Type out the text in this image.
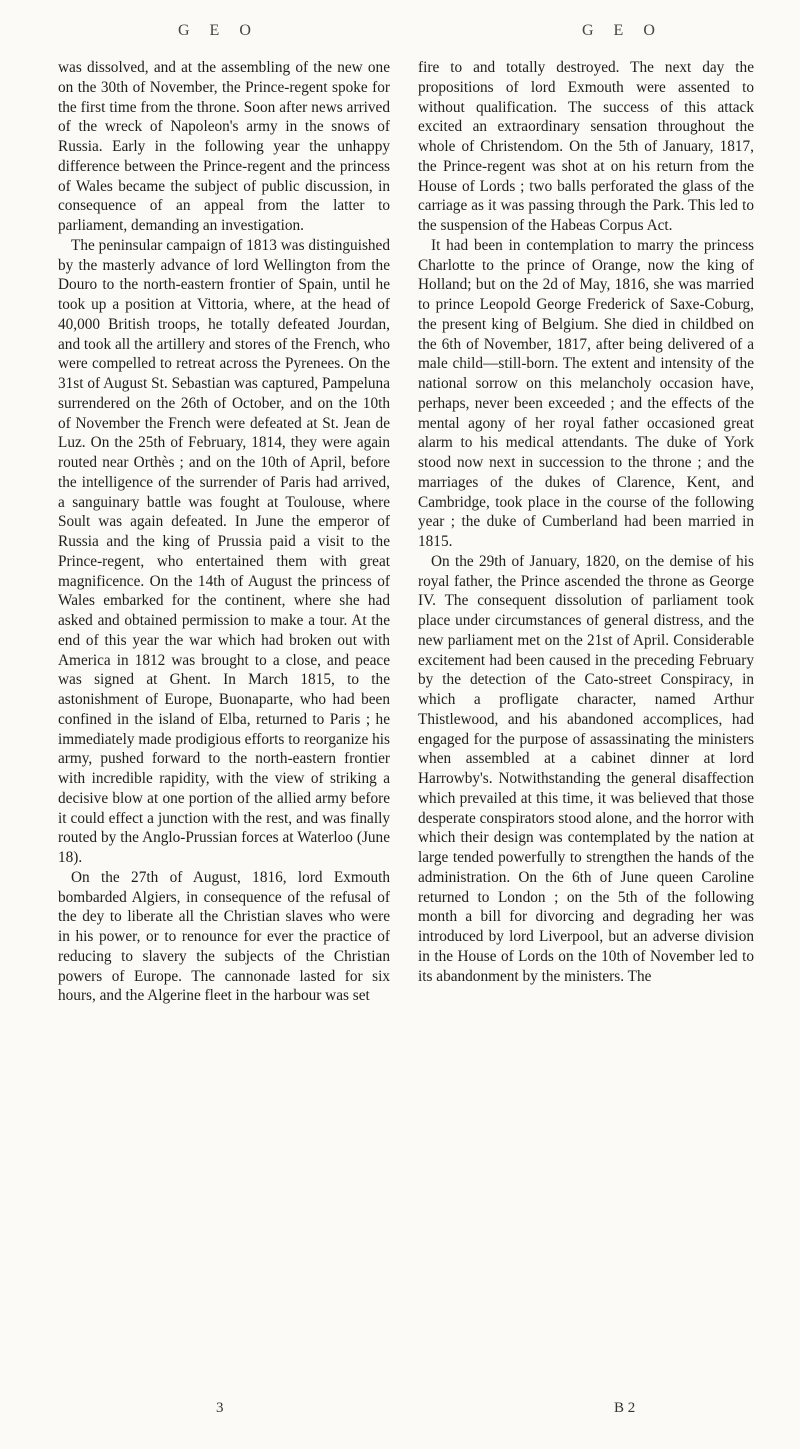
G E O	G E O

was dissolved, and at the assembling of the new one on the 30th of November, the Prince-regent spoke for the first time from the throne. Soon after news arrived of the wreck of Napoleon's army in the snows of Russia. Early in the following year the unhappy difference between the Prince-regent and the princess of Wales became the subject of public discussion, in consequence of an appeal from the latter to parliament, demanding an investigation.

The peninsular campaign of 1813 was distinguished by the masterly advance of lord Wellington from the Douro to the north-eastern frontier of Spain, until he took up a position at Vittoria, where, at the head of 40,000 British troops, he totally defeated Jourdan, and took all the artillery and stores of the French, who were compelled to retreat across the Pyrenees. On the 31st of August St. Sebastian was captured, Pampeluna surrendered on the 26th of October, and on the 10th of November the French were defeated at St. Jean de Luz. On the 25th of February, 1814, they were again routed near Orthès ; and on the 10th of April, before the intelligence of the surrender of Paris had arrived, a sanguinary battle was fought at Toulouse, where Soult was again defeated. In June the emperor of Russia and the king of Prussia paid a visit to the Prince-regent, who entertained them with great magnificence. On the 14th of August the princess of Wales embarked for the continent, where she had asked and obtained permission to make a tour. At the end of this year the war which had broken out with America in 1812 was brought to a close, and peace was signed at Ghent. In March 1815, to the astonishment of Europe, Buonaparte, who had been confined in the island of Elba, returned to Paris ; he immediately made prodigious efforts to reorganize his army, pushed forward to the north-eastern frontier with incredible rapidity, with the view of striking a decisive blow at one portion of the allied army before it could effect a junction with the rest, and was finally routed by the Anglo-Prussian forces at Waterloo (June 18).

On the 27th of August, 1816, lord Exmouth bombarded Algiers, in consequence of the refusal of the dey to liberate all the Christian slaves who were in his power, or to renounce for ever the practice of reducing to slavery the subjects of the Christian powers of Europe. The cannonade lasted for six hours, and the Algerine fleet in the harbour was set

fire to and totally destroyed. The next day the propositions of lord Exmouth were assented to without qualification. The success of this attack excited an extraordinary sensation throughout the whole of Christendom. On the 5th of January, 1817, the Prince-regent was shot at on his return from the House of Lords ; two balls perforated the glass of the carriage as it was passing through the Park. This led to the suspension of the Habeas Corpus Act.

It had been in contemplation to marry the princess Charlotte to the prince of Orange, now the king of Holland; but on the 2d of May, 1816, she was married to prince Leopold George Frederick of Saxe-Coburg, the present king of Belgium. She died in childbed on the 6th of November, 1817, after being delivered of a male child—still-born. The extent and intensity of the national sorrow on this melancholy occasion have, perhaps, never been exceeded ; and the effects of the mental agony of her royal father occasioned great alarm to his medical attendants. The duke of York stood now next in succession to the throne ; and the marriages of the dukes of Clarence, Kent, and Cambridge, took place in the course of the following year ; the duke of Cumberland had been married in 1815.

On the 29th of January, 1820, on the demise of his royal father, the Prince ascended the throne as George IV. The consequent dissolution of parliament took place under circumstances of general distress, and the new parliament met on the 21st of April. Considerable excitement had been caused in the preceding February by the detection of the Cato-street Conspiracy, in which a profligate character, named Arthur Thistlewood, and his abandoned accomplices, had engaged for the purpose of assassinating the ministers when assembled at a cabinet dinner at lord Harrowby's. Notwithstanding the general disaffection which prevailed at this time, it was believed that those desperate conspirators stood alone, and the horror with which their design was contemplated by the nation at large tended powerfully to strengthen the hands of the administration. On the 6th of June queen Caroline returned to London ; on the 5th of the following month a bill for divorcing and degrading her was introduced by lord Liverpool, but an adverse division in the House of Lords on the 10th of November led to its abandonment by the ministers. The

3	B 2
